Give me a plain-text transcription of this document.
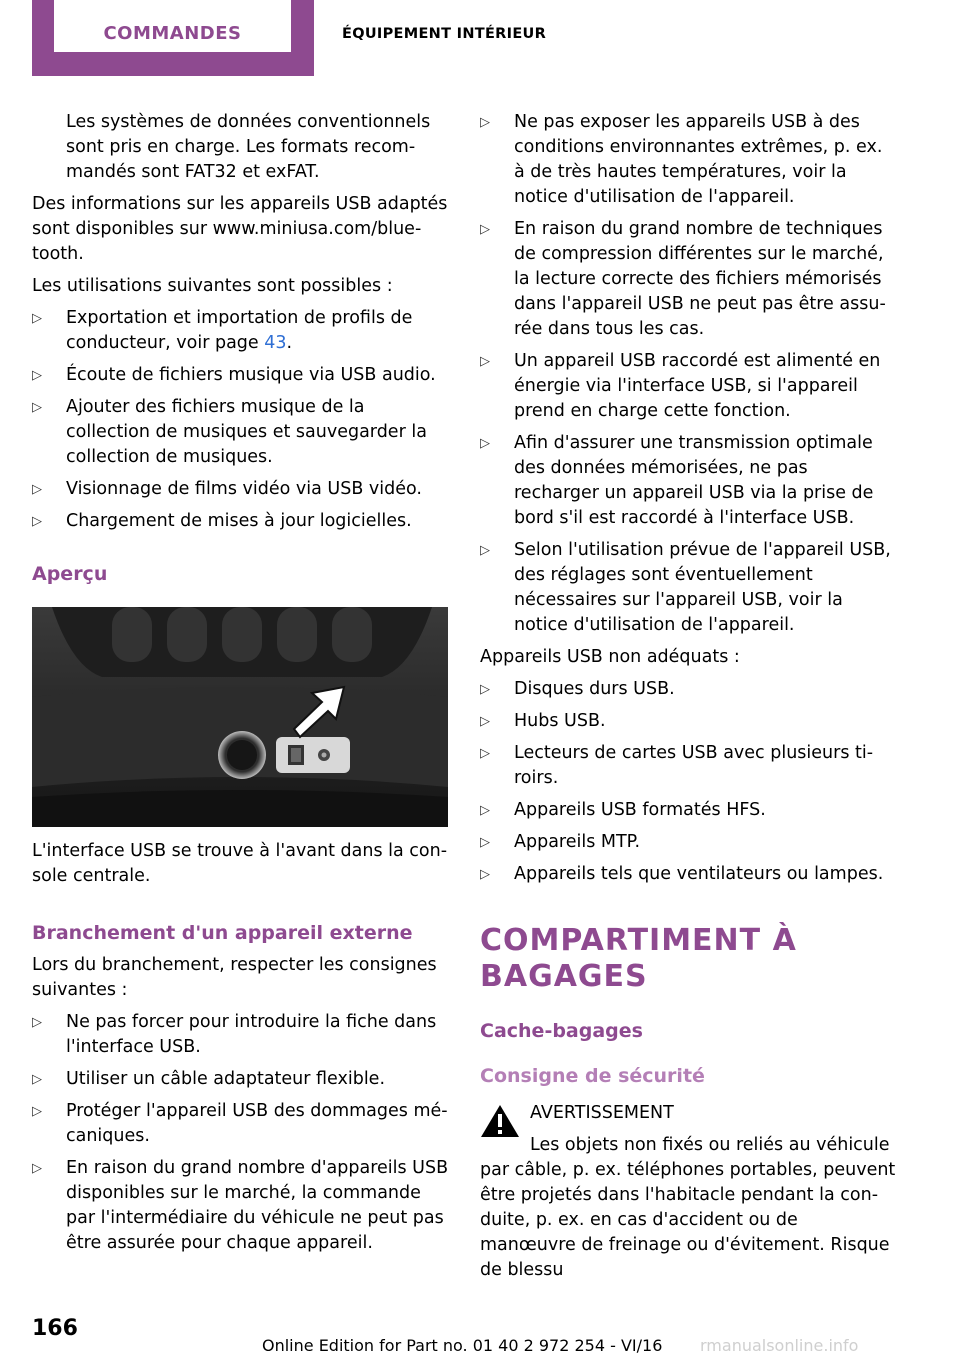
COMMANDES	ÉQUIPEMENT INTÉRIEUR

Les systèmes de données conventionnels sont pris en charge. Les formats recommandés sont FAT32 et exFAT.

Des informations sur les appareils USB adaptés sont disponibles sur www.miniusa.com/bluetooth.

Les utilisations suivantes sont possibles :

▷ Exportation et importation de profils de conducteur, voir page 43.
▷ Écoute de fichiers musique via USB audio.
▷ Ajouter des fichiers musique de la collection de musiques et sauvegarder la collection de musiques.
▷ Visionnage de films vidéo via USB vidéo.
▷ Chargement de mises à jour logicielles.
Aperçu

L'interface USB se trouve à l'avant dans la console centrale.

Branchement d'un appareil externe

Lors du branchement, respecter les consignes suivantes :

▷ Ne pas forcer pour introduire la fiche dans l'interface USB.
▷ Utiliser un câble adaptateur flexible.
▷ Protéger l'appareil USB des dommages mécaniques.
▷ En raison du grand nombre d'appareils USB disponibles sur le marché, la commande par l'intermédiaire du véhicule ne peut pas être assurée pour chaque appareil.
▷ Ne pas exposer les appareils USB à des conditions environnantes extrêmes, p. ex. à de très hautes températures, voir la notice d'utilisation de l'appareil.
▷ En raison du grand nombre de techniques de compression différentes sur le marché, la lecture correcte des fichiers mémorisés dans l'appareil USB ne peut pas être assurée dans tous les cas.
▷ Un appareil USB raccordé est alimenté en énergie via l'interface USB, si l'appareil prend en charge cette fonction.
▷ Afin d'assurer une transmission optimale des données mémorisées, ne pas recharger un appareil USB via la prise de bord s'il est raccordé à l'interface USB.
▷ Selon l'utilisation prévue de l'appareil USB, des réglages sont éventuellement nécessaires sur l'appareil USB, voir la notice d'utilisation de l'appareil.

Appareils USB non adéquats :

▷ Disques durs USB.
▷ Hubs USB.
▷ Lecteurs de cartes USB avec plusieurs tiroirs.
▷ Appareils USB formatés HFS.
▷ Appareils MTP.
▷ Appareils tels que ventilateurs ou lampes.
COMPARTIMENT À BAGAGES
Cache-bagages
Consigne de sécurité
AVERTISSEMENT
Les objets non fixés ou reliés au véhicule

par câble, p. ex. téléphones portables, peuvent être projetés dans l'habitacle pendant la conduite, p. ex. en cas d'accident ou de manœuvre de freinage ou d'évitement. Risque de blessu

166
Online Edition for Part no. 01 40 2 972 254 - VI/16 rmanualsonline.info
